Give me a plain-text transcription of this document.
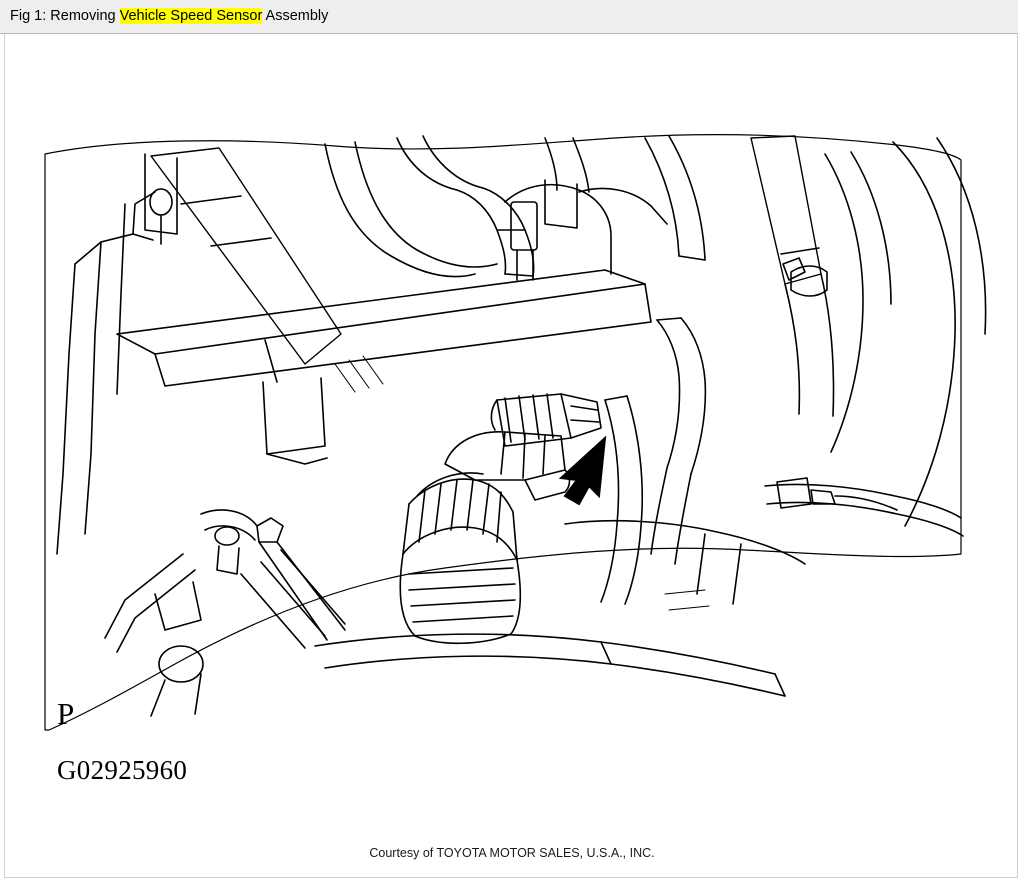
Fig 1: Removing Vehicle Speed Sensor Assembly
P
G02925960
Courtesy of TOYOTA MOTOR SALES, U.S.A., INC.
